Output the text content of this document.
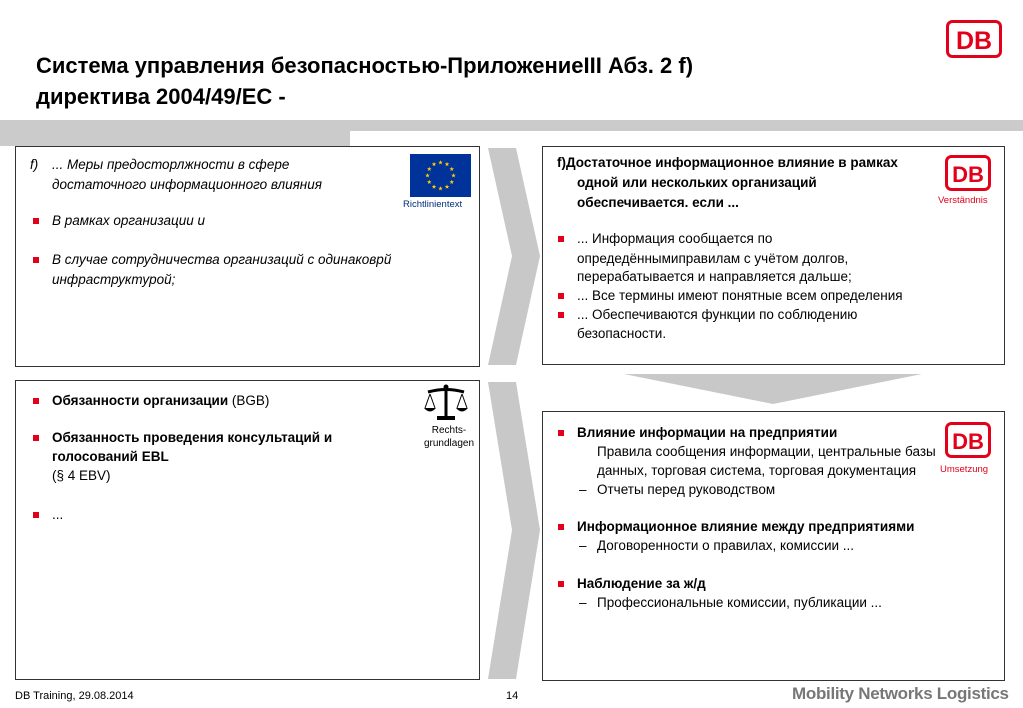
Система управления безопасностью-ПриложениеIII Абз. 2 f)
директива 2004/49/EC -
DB
f) ... Меры предосторлжности в сфере
достаточного информационного влияния
В рамках организации и
В случае сотрудничества организаций с одинаковрй
инфраструктурой;
Richtlinientext
Обязанности организации (BGB)
Обязанность проведения консультаций и
голосований EBL
(§ 4 EBV)
...
Rechts-
grundlagen
f)Достаточное информационное влияние в рамках
одной или нескольких организаций
обеспечивается. если ...
... Информация сообщается по
опредедённымиправилам с учётом долгов,
перерабатывается и направляется дальше;
... Все термины имеют понятные всем определения
... Обеспечиваются функции по соблюдению
безопасности.
DB
Verständnis
Влияние информации на предприятии
– Правила сообщения информации, центральные базы
данных, торговая система, торговая документация
– Отчеты перед руководством
Информационное влияние между предприятиями
– Договоренности о правилах, комиссии ...
Наблюдение за ж/д
– Профессиональные комиссии, публикации ...
DB
Umsetzung
DB Training, 29.08.2014	14	Mobility Networks Logistics
